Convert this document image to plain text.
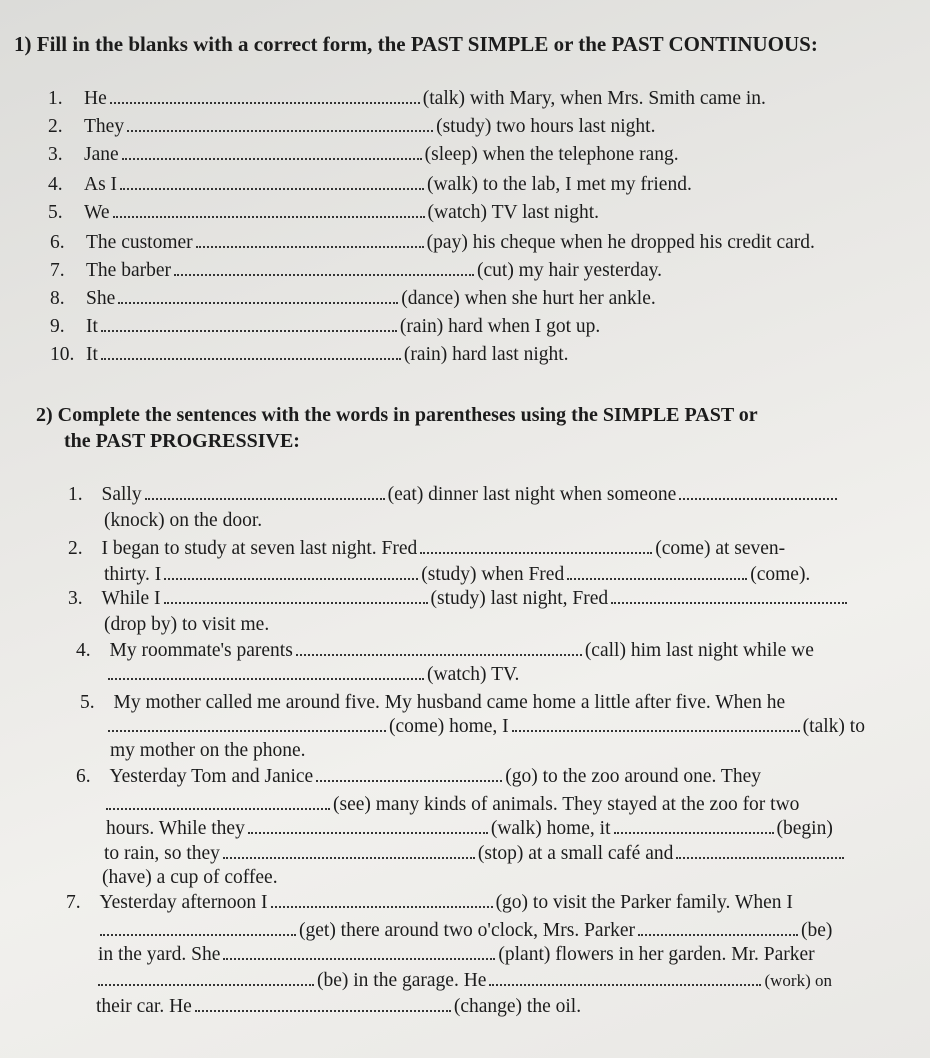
1) Fill in the blanks with a correct form, the PAST SIMPLE or the PAST CONTINUOUS:
1. He	(talk) with Mary, when Mrs. Smith came in.
2. They	(study) two hours last night.
3. Jane	(sleep) when the telephone rang.
4. As I	(walk) to the lab, I met my friend.
5. We	(watch) TV last night.
6. The customer	(pay) his cheque when he dropped his credit card.
7. The barber	(cut) my hair yesterday.
8. She	(dance) when she hurt her ankle.
9. It	(rain) hard when I got up.
10. It	(rain) hard last night.
2) Complete the sentences with the words in parentheses using the SIMPLE PAST or
the PAST PROGRESSIVE:
1. Sally	(eat) dinner last night when someone
(knock) on the door.
2. I began to study at seven last night. Fred	(come) at seven-
thirty. I	(study) when Fred	(come).
3. While I	(study) last night, Fred
(drop by) to visit me.
4. My roommate's parents	(call) him last night while we
(watch) TV.
5. My mother called me around five. My husband came home a little after five. When he
(come) home, I	(talk) to
my mother on the phone.
6. Yesterday Tom and Janice	(go) to the zoo around one. They
(see) many kinds of animals. They stayed at the zoo for two
hours. While they	(walk) home, it	(begin)
to rain, so they	(stop) at a small café and
(have) a cup of coffee.
7. Yesterday afternoon I	(go) to visit the Parker family. When I
(get) there around two o'clock, Mrs. Parker	(be)
in the yard. She	(plant) flowers in her garden. Mr. Parker
(be) in the garage. He	(work) on
their car. He	(change) the oil.
